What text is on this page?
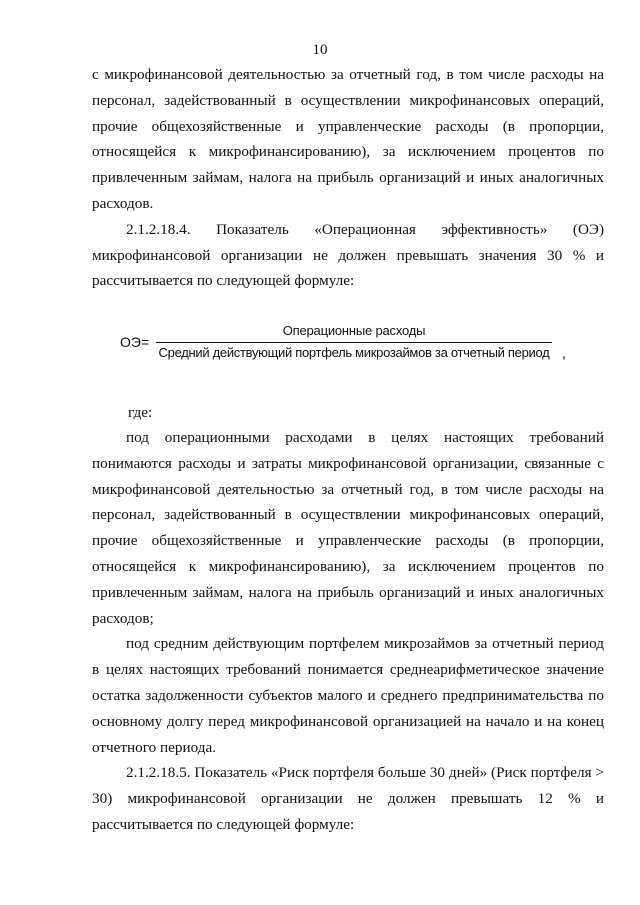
10

с микрофинансовой деятельностью за отчетный год, в том числе расходы на персонал, задействованный в осуществлении микрофинансовых операций, прочие общехозяйственные и управленческие расходы (в пропорции, относящейся к микрофинансированию), за исключением процентов по привлеченным займам, налога на прибыль организаций и иных аналогичных расходов.

2.1.2.18.4. Показатель «Операционная эффективность» (ОЭ) микрофинансовой организации не должен превышать значения 30 % и рассчитывается по следующей формуле:

ОЭ=
Операционные расходы
Средний действующий портфель микрозаймов за отчетный период ,
где:

под операционными расходами в целях настоящих требований понимаются расходы и затраты микрофинансовой организации, связанные с микрофинансовой деятельностью за отчетный год, в том числе расходы на персонал, задействованный в осуществлении микрофинансовых операций, прочие общехозяйственные и управленческие расходы (в пропорции, относящейся к микрофинансированию), за исключением процентов по привлеченным займам, налога на прибыль организаций и иных аналогичных расходов;

под средним действующим портфелем микрозаймов за отчетный период в целях настоящих требований понимается среднеарифметическое значение остатка задолженности субъектов малого и среднего предпринимательства по основному долгу перед микрофинансовой организацией на начало и на конец отчетного периода.

2.1.2.18.5. Показатель «Риск портфеля больше 30 дней» (Риск портфеля > 30) микрофинансовой организации не должен превышать 12 % и рассчитывается по следующей формуле:
